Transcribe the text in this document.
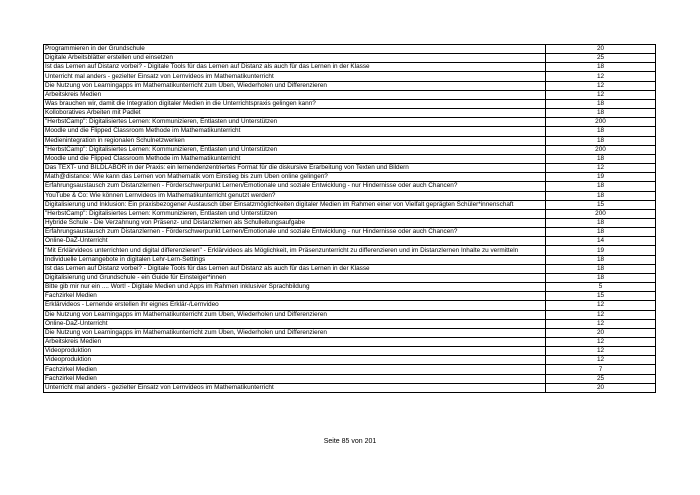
Programmieren in der Grundschule	20
Digitale Arbeitsblätter erstellen und einsetzen	25
Ist das Lernen auf Distanz vorbei? - Digitale Tools für das Lernen auf Distanz als auch für das Lernen in der Klasse	18
Unterricht mal anders - gezielter Einsatz von Lernvideos im Mathematikunterricht	12
Die Nutzung von Learningapps im Mathematikunterricht zum Üben, Wiederholen und Differenzieren	12
Arbeitskreis Medien	12
Was brauchen wir, damit die Integration digitaler Medien in die Unterrichtspraxis gelingen kann?	18
Kolloboratives Arbeiten mit Padlet	18
"HerbstCamp": Digitalisiertes Lernen: Kommunizieren, Entlasten und Unterstützen	200
Moodle und die Flipped Classroom Methode im Mathematikunterricht	18
Medienintegration in regionalen Schulnetzwerken	18
"HerbstCamp": Digitalisiertes Lernen: Kommunizieren, Entlasten und Unterstützen	200
Moodle und die Flipped Classroom Methode im Mathematikunterricht	18
Das TEXT- und BILDLABOR in der Praxis: ein lernendenzentriertes Format für die diskursive Erarbeitung von Texten und Bildern	12
Math@distance: Wie kann das Lernen von Mathematik vom Einstieg bis zum Üben online gelingen?	19
Erfahrungsaustausch zum Distanzlernen - Förderschwerpunkt Lernen/Emotionale und soziale Entwicklung - nur Hindernisse oder auch Chancen?	18
YouTube & Co: Wie können Lernvideos im Mathematikunterricht genutzt werden?	18
Digitalisierung und Inklusion: Ein praxisbezogener Austausch über Einsatzmöglichkeiten digitaler Medien im Rahmen einer von Vielfalt geprägten Schüler*innenschaft	15
"HerbstCamp": Digitalisiertes Lernen: Kommunizieren, Entlasten und Unterstützen	200
Hybride Schule - Die Verzahnung von Präsenz- und Distanzlernen als Schulleitungsaufgabe	18
Erfahrungsaustausch zum Distanzlernen - Förderschwerpunkt Lernen/Emotionale und soziale Entwicklung - nur Hindernisse oder auch Chancen?	18
Online-DaZ-Unterricht	14
"Mit Erklärvideos unterrichten und digital differenzieren" - Erklärvideos als Möglichkeit, im Präsenzunterricht zu differenzieren und im Distanzlernen Inhalte zu vermitteln	19
Individuelle Lernangebote in digitalen Lehr-Lern-Settings	18
Ist das Lernen auf Distanz vorbei? - Digitale Tools für das Lernen auf Distanz als auch für das Lernen in der Klasse	18
Digitalisierung und Grundschule - ein Guide für Einsteiger*innen	18
Bitte gib mir nur ein .... Wort! - Digitale Medien und Apps im Rahmen inklusiver Sprachbildung	5
Fachzirkel Medien	15
Erklärvideos - Lernende erstellen ihr eignes Erklär-/Lernvideo	12
Die Nutzung von Learningapps im Mathematikunterricht zum Üben, Wiederholen und Differenzieren	12
Online-DaZ-Unterricht	12
Die Nutzung von Learningapps im Mathematikunterricht zum Üben, Wiederholen und Differenzieren	20
Arbeitskreis Medien	12
Videoproduktion	12
Videoproduktion	12
Fachzirkel Medien	7
Fachzirkel Medien	25
Unterricht mal anders - gezielter Einsatz von Lernvideos im Mathematikunterricht	20
Seite 85 von 201
